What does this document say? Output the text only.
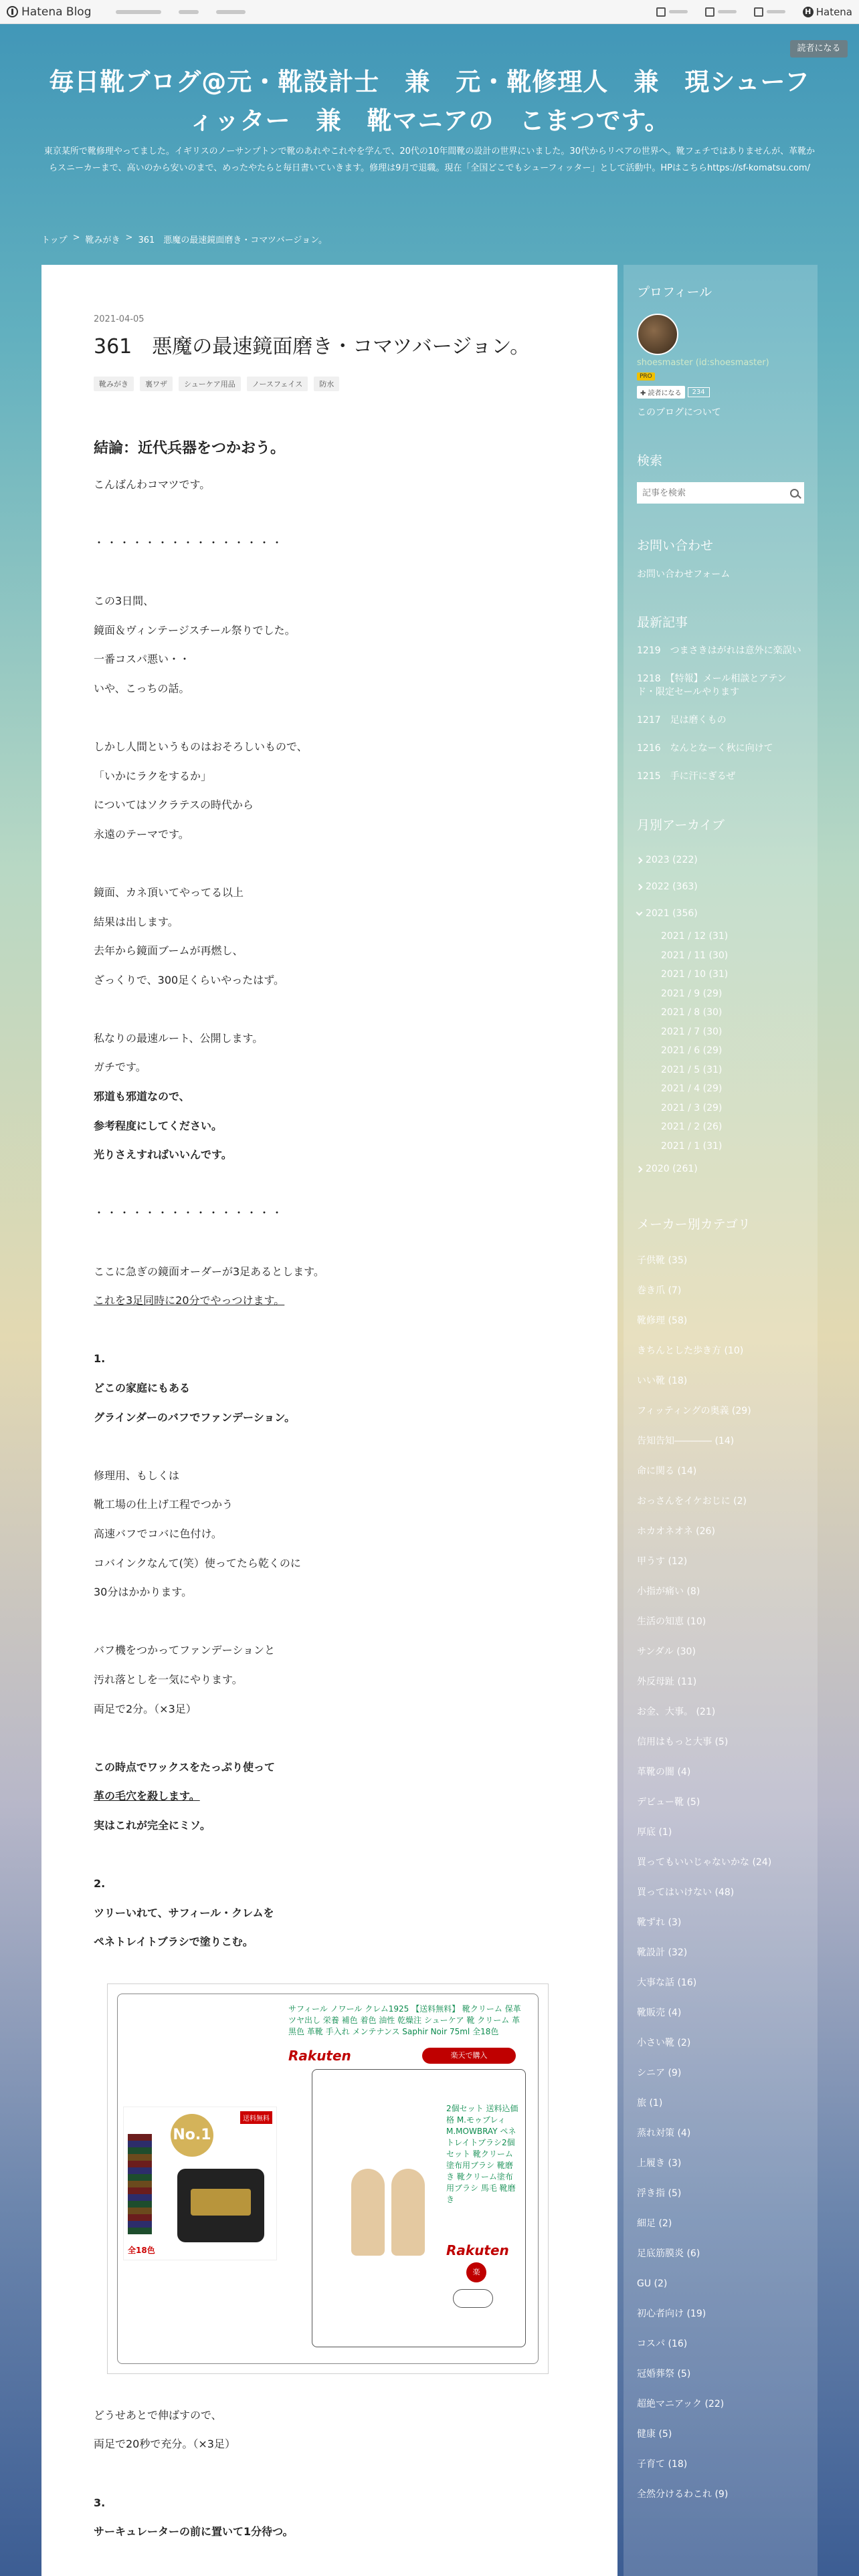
Hatena Blog	H Hatena
読者になる
毎日靴ブログ@元・靴設計士　兼　元・靴修理人　兼　現シューフィッター　兼　靴マニアの　こまつです。
東京某所で靴修理やってました。イギリスのノーサンプトンで靴のあれやこれやを学んで、20代の10年間靴の設計の世界にいました。30代からリペアの世界へ。靴フェチではありませんが、革靴からスニーカーまで、高いのから安いのまで、めったやたらと毎日書いていきます。修理は9月で退職。現在「全国どこでもシューフィッター」として活動中。HPはこちらhttps://sf-komatsu.com/
トップ > 靴みがき > 361　悪魔の最速鏡面磨き・コマツバージョン。
2021-04-05
361　悪魔の最速鏡面磨き・コマツバージョン。
靴みがき	裏ワザ	シューケア用品	ノースフェイス	防水

結論：近代兵器をつかおう。

こんばんわコマツです。

・・・・・・・・・・・・・・・

この3日間、

鏡面＆ヴィンテージスチール祭りでした。

一番コスパ悪い・・

いや、こっちの話。

しかし人間というものはおそろしいもので、

「いかにラクをするか」

についてはソクラテスの時代から

永遠のテーマです。

鏡面、カネ頂いてやってる以上

結果は出します。

去年から鏡面ブームが再燃し、

ざっくりで、300足くらいやったはず。

私なりの最速ルート、公開します。

ガチです。

邪道も邪道なので、

参考程度にしてください。

光りさえすればいいんです。

・・・・・・・・・・・・・・・

ここに急ぎの鏡面オーダーが3足あるとします。

これを3足同時に20分でやっつけます。

1.

どこの家庭にもある

グラインダーのバフでファンデーション。

修理用、もしくは

靴工場の仕上げ工程でつかう

高速バフでコバに色付け。

コバインクなんて(笑）使ってたら乾くのに

30分はかかります。

バフ機をつかってファンデーションと

汚れ落としを一気にやります。

両足で2分。（×3足）

この時点でワックスをたっぷり使って

革の毛穴を殺します。

実はこれが完全にミソ。

2.

ツリーいれて、サフィール・クレムを

ペネトレイトブラシで塗りこむ。

No.1
送料無料
全18色
サフィール ノワール クレム1925 【送料無料】 靴クリーム 保革 ツヤ出し 栄養 補色 着色 油性 乾燥注 シューケア 靴 クリーム 革 黒色 革靴 手入れ メンテナンス Saphir Noir 75ml 全18色
Rakuten	楽天で購入
2個セット 送料込価格 M.モゥブレィ M.MOWBRAY ペネトレイトブラシ2個セット 靴クリーム塗布用ブラシ 靴磨き 靴クリーム塗布用ブラシ 馬毛 靴磨き
Rakuten
楽

どうせあとで伸ばすので、

両足で20秒で充分。（×3足）

3.

サーキュレーターの前に置いて1分待つ。

プロフィール
shoesmaster (id:shoesmaster)
PRO
✚ 読者になる	234
このブログについて
検索
記事を検索
お問い合わせ
お問い合わせフォーム
最新記事
1219　つまさきはがれは意外に楽誤い
1218　【特報】メール相談とアテンド・限定セールやります
1217　足は磨くもの
1216　なんとなーく秋に向けて
1215　手に汗にぎるぜ
月別アーカイブ
2023 (222)
2022 (363)
2021 (356)
2021 / 12 (31)
2021 / 11 (30)
2021 / 10 (31)
2021 / 9 (29)
2021 / 8 (30)
2021 / 7 (30)
2021 / 6 (29)
2021 / 5 (31)
2021 / 4 (29)
2021 / 3 (29)
2021 / 2 (26)
2021 / 1 (31)
2020 (261)
メーカー別カテゴリ
子供靴 (35)
巻き爪 (7)
靴修理 (58)
きちんとした歩き方 (10)
いい靴 (18)
フィッティングの奥義 (29)
告知告知―――― (14)
命に関る (14)
おっさんをイケおじに (2)
ホカオネオネ (26)
甲うす (12)
小指が痛い (8)
生活の知恵 (10)
サンダル (30)
外反母趾 (11)
お金、大事。 (21)
信用はもっと大事 (5)
革靴の闇 (4)
デビュー靴 (5)
厚底 (1)
買ってもいいじゃないかな (24)
買ってはいけない (48)
靴ずれ (3)
靴設計 (32)
大事な話 (16)
靴販売 (4)
小さい靴 (2)
シニア (9)
旅 (1)
蒸れ対策 (4)
上履き (3)
浮き指 (5)
細足 (2)
足底筋膜炎 (6)
GU (2)
初心者向け (19)
コスパ (16)
冠婚葬祭 (5)
超絶マニアック (22)
健康 (5)
子育て (18)
全然分けるわこれ (9)
